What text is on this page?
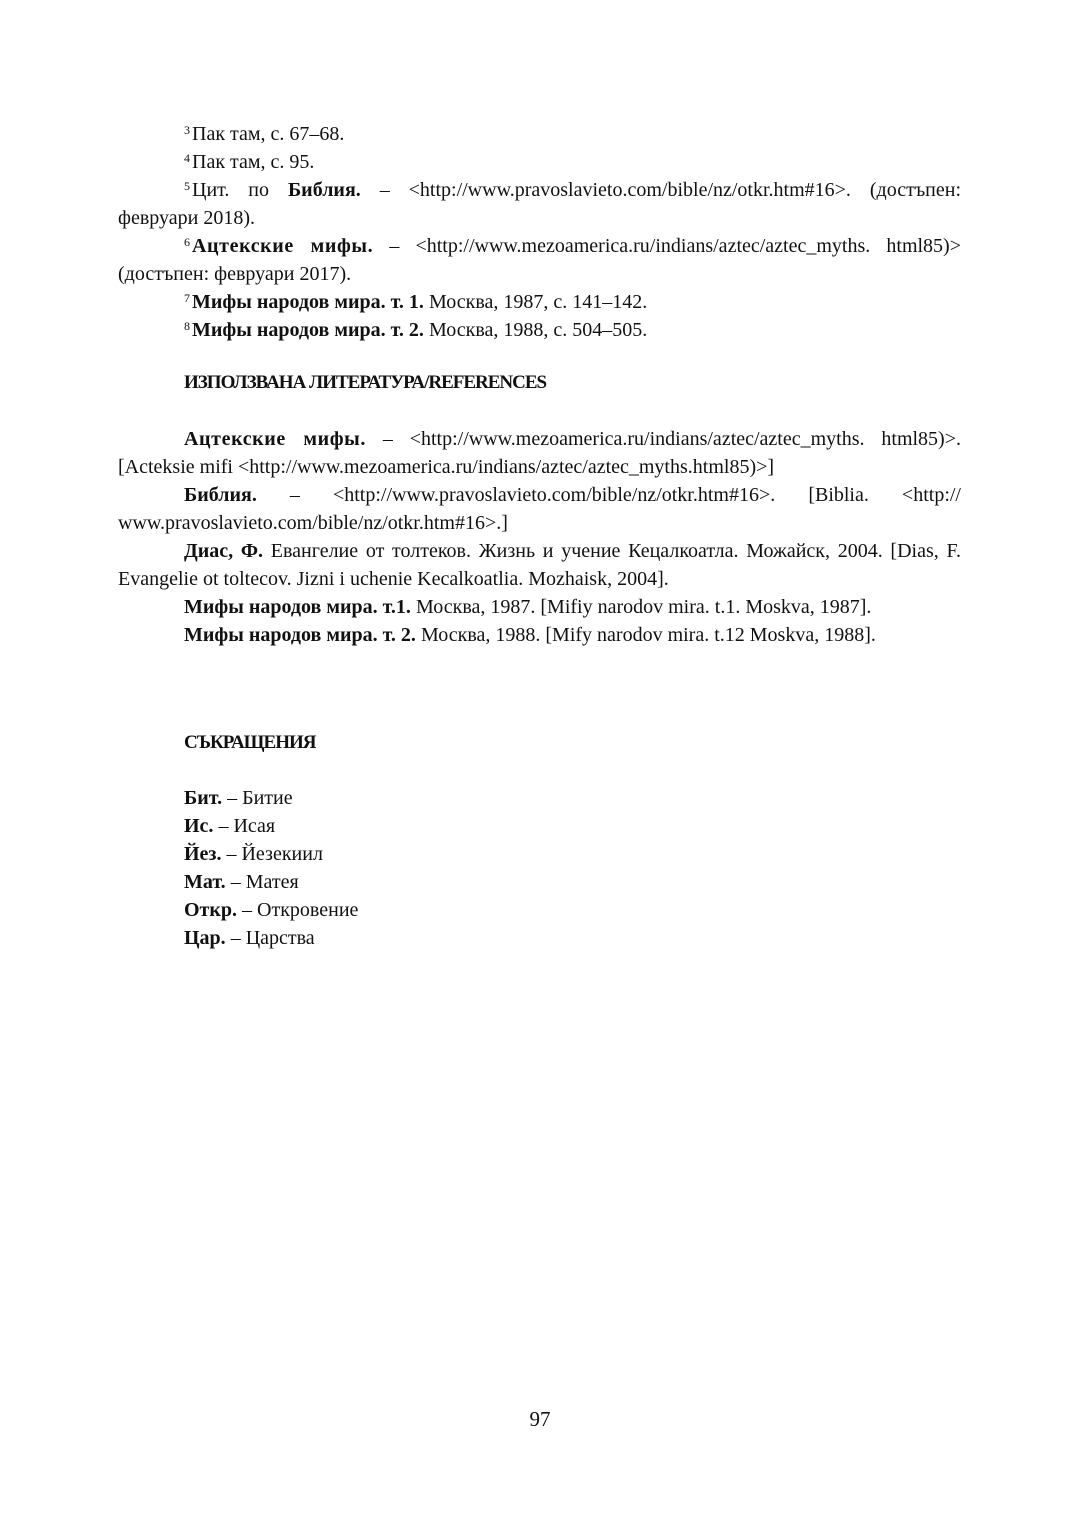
$^3$ Пак там, с. 67–68.

$^4$ Пак там, с. 95.

$^5$ Цит. по Библия. – <http://www.pravoslavieto.com/bible/nz/otkr.htm#16>. (достъпен: февруари 2018).

$^6$ Ацтекские мифы. – <http://www.mezoamerica.ru/indians/aztec/aztec_myths. html85)> (достъпен: февруари 2017).

$^7$ Мифы народов мира. т. 1. Москва, 1987, с. 141–142.

$^8$ Мифы народов мира. т. 2. Москва, 1988, с. 504–505.

ИЗПОЛЗВАНА ЛИТЕРАТУРА/REFERENCES

Ацтекские мифы. – <http://www.mezoamerica.ru/indians/aztec/aztec_myths. html85)>. [Acteksie mifi <http://www.mezoamerica.ru/indians/aztec/aztec_myths.html85)>]

Библия. – <http://www.pravoslavieto.com/bible/nz/otkr.htm#16>. [Biblia. <http:// www.pravoslavieto.com/bible/nz/otkr.htm#16>.]

Диас, Ф. Евангелие от толтеков. Жизнь и учение Кецалкоатла. Можайск, 2004. [Dias, F. Evangelie ot toltecov. Jizni i uchenie Kecalkoatlia. Mozhaisk, 2004].

Мифы народов мира. т.1. Москва, 1987. [Mifiy narodov mira. t.1. Moskva, 1987].

Мифы народов мира. т. 2. Москва, 1988. [Mify narodov mira. t.12 Moskva, 1988].

СЪКРАЩЕНИЯ
Бит. – Битие
Ис. – Исая
Йез. – Йезекиил
Мат. – Матея
Откр. – Откровение
Цар. – Царства
97
